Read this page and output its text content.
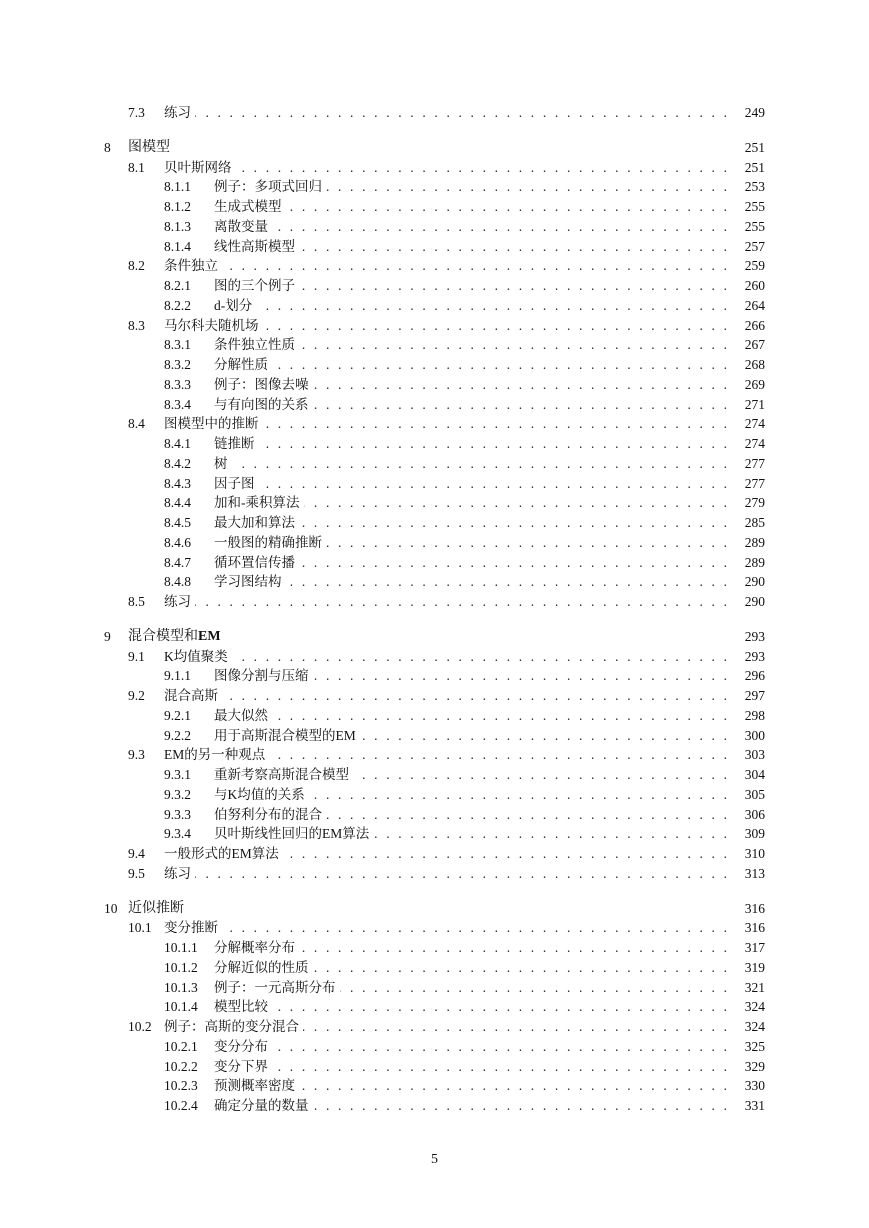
7.3 . . . 练习	249
8 图模型	251
8.1 . . . 贝叶斯网络	251
8.1.1 . . . 例子：多项式回归	253
8.1.2 . . . 生成式模型	255
8.1.3 . . . 离散变量	255
8.1.4 . . . 线性高斯模型	257
8.2 . . . 条件独立	259
8.2.1 . . . 图的三个例子	260
8.2.2 . . . d-划分	264
8.3 . . . 马尔科夫随机场	266
8.3.1 . . . 条件独立性质	267
8.3.2 . . . 分解性质	268
8.3.3 . . . 例子：图像去噪	269
8.3.4 . . . 与有向图的关系	271
8.4 . . . 图模型中的推断	274
8.4.1 . . . 链推断	274
8.4.2 . . . 树	277
8.4.3 . . . 因子图	277
8.4.4 . . . 加和-乘积算法	279
8.4.5 . . . 最大加和算法	285
8.4.6 . . . 一般图的精确推断	289
8.4.7 . . . 循环置信传播	289
8.4.8 . . . 学习图结构	290
8.5 . . . 练习	290
9 混合模型和EM	293
9.1 . . . K均值聚类	293
9.1.1 . . . 图像分割与压缩	296
9.2 . . . 混合高斯	297
9.2.1 . . . 最大似然	298
9.2.2 . . . 用于高斯混合模型的EM	300
9.3 . . . EM的另一种观点	303
9.3.1 . . . 重新考察高斯混合模型	304
9.3.2 . . . 与K均值的关系	305
9.3.3 . . . 伯努利分布的混合	306
9.3.4 . . . 贝叶斯线性回归的EM算法	309
9.4 . . . 一般形式的EM算法	310
9.5 . . . 练习	313
10 近似推断	316
10.1 . . . 变分推断	316
10.1.1 . . . 分解概率分布	317
10.1.2 . . . 分解近似的性质	319
10.1.3 . . . 例子：一元高斯分布	321
10.1.4 . . . 模型比较	324
10.2 . . . 例子：高斯的变分混合	324
10.2.1 . . . 变分分布	325
10.2.2 . . . 变分下界	329
10.2.3 . . . 预测概率密度	330
10.2.4 . . . 确定分量的数量	331
5
